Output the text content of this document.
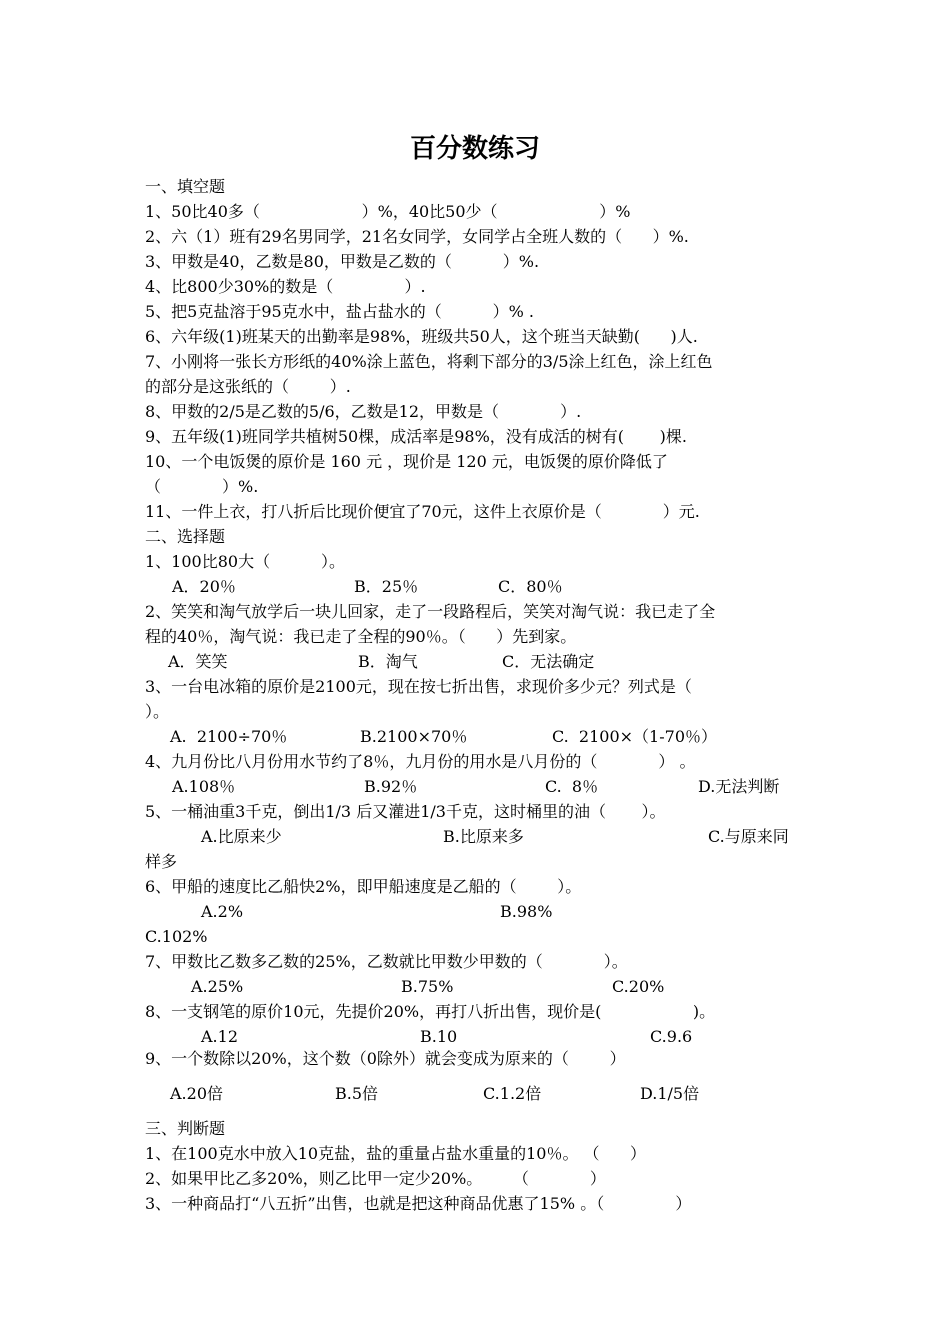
百分数练习
一、填空题
1、50比40多（                    ）%，40比50少（                    ）%
2、六（1）班有29名男同学，21名女同学，女同学占全班人数的（      ）%.
3、甲数是40，乙数是80，甲数是乙数的（          ）%.
4、比800少30%的数是（              ）.
5、把5克盐溶于95克水中，盐占盐水的（          ）% .
6、六年级(1)班某天的出勤率是98%，班级共50人，这个班当天缺勤(      )人.
7、小刚将一张长方形纸的40%涂上蓝色，将剩下部分的3/5涂上红色，涂上红色
的部分是这张纸的（        ）.
8、甲数的2/5是乙数的5/6，乙数是12，甲数是（            ）.
9、五年级(1)班同学共植树50棵，成活率是98%，没有成活的树有(       )棵.
10、一个电饭煲的原价是 160 元 ，现价是 120 元，电饭煲的原价降低了
（            ）%.
11、一件上衣，打八折后比现价便宜了70元，这件上衣原价是（            ）元.
二、选择题
1、100比80大（          ）。
A．20％	B．25％	C．80％
2、笑笑和淘气放学后一块儿回家，走了一段路程后，笑笑对淘气说：我已走了全
程的40％，淘气说：我已走了全程的90％。（      ）先到家。
A．笑笑	B．淘气	C．无法确定
3、一台电冰箱的原价是2100元，现在按七折出售，求现价多少元？列式是（
）。
A.  2100÷70％	B.2100×70％	C.  2100×（1-70％）
4、九月份比八月份用水节约了8％，九月份的用水是八月份的（            ） 。
A.108％	B.92％	C.  8％	D.无法判断
5、一桶油重3千克，倒出1/3 后又灌进1/3千克，这时桶里的油（       ）。
A.比原来少	B.比原来多	C.与原来同
样多
6、甲船的速度比乙船快2%，即甲船速度是乙船的（        ）。
A.2%	B.98%
C.102%
7、甲数比乙数多乙数的25%，乙数就比甲数少甲数的（            ）。
A.25%	B.75%	C.20%
8、一支钢笔的原价10元，先提价20%，再打八折出售，现价是(                  )。
A.12	B.10	C.9.6
9、一个数除以20%，这个数（0除外）就会变成为原来的（        ）
A.20倍	B.5倍	C.1.2倍	D.1/5倍
三、判断题
1、在100克水中放入10克盐，盐的重量占盐水重量的10％。 （      ）
2、如果甲比乙多20%，则乙比甲一定少20%。      （            ）
3、一种商品打“八五折”出售，也就是把这种商品优惠了15% 。（              ）
